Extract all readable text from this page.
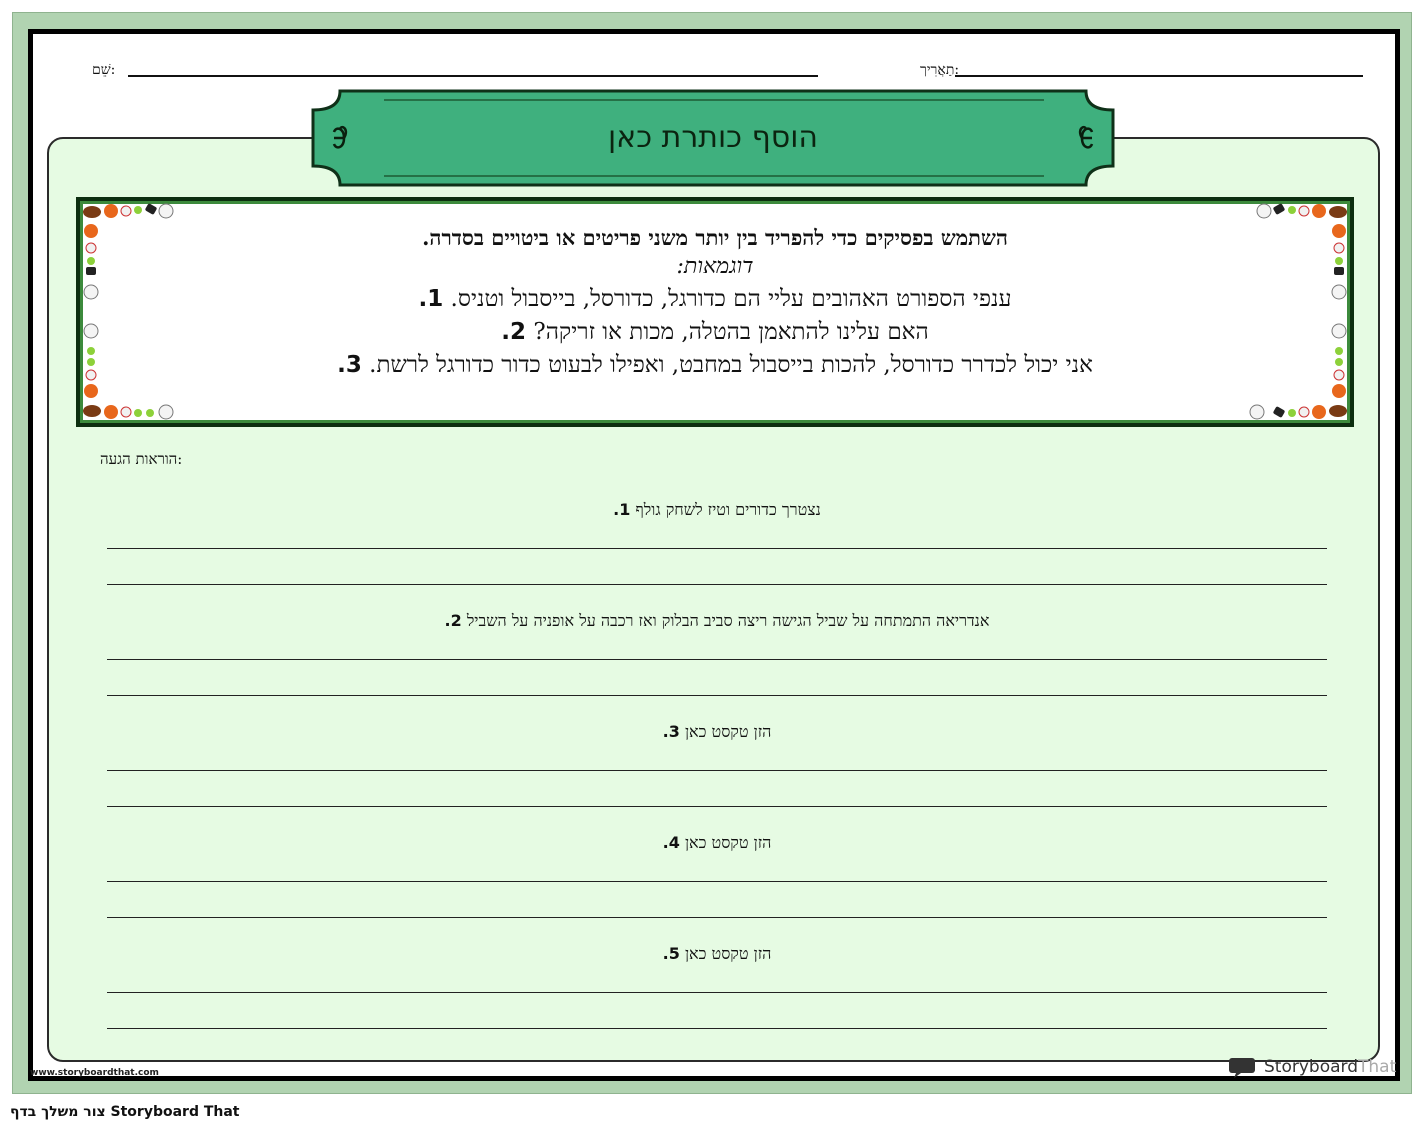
שֵׁם:	תַאֲרִיך:
הוסף כותרת כאן
השתמש בפסיקים כדי להפריד בין יותר משני פריטים או ביטויים בסדרה.
דוגמאות:
ענפי הספורט האהובים עליי הם כדורגל, כדורסל, בייסבול וטניס. 1.
האם עלינו להתאמן בהטלה, מכות או זריקה? 2.
אני יכול לכדרר כדורסל, להכות בייסבול במחבט, ואפילו לבעוט כדור כדורגל לרשת. 3.
הוראות הגעה:
נצטרך כדורים וטיז לשחק גולף 1.
אנדריאה התמתחה על שביל הגישה ריצה סביב הבלוק ואז רכבה על אופניה על השביל 2.
הזן טקסט כאן 3.
הזן טקסט כאן 4.
הזן טקסט כאן 5.
www.storyboardthat.com	StoryboardThat
צור משלך בדף Storyboard That
